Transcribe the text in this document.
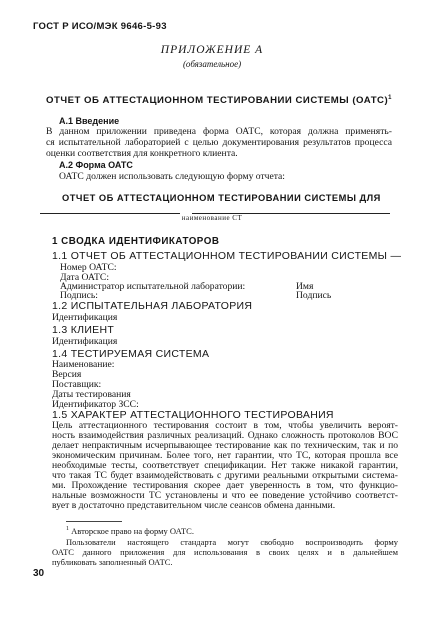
ГОСТ Р ИСО/МЭК 9646-5-93
ПРИЛОЖЕНИЕ А
(обязательное)
ОТЧЕТ ОБ АТТЕСТАЦИОННОМ ТЕСТИРОВАНИИ СИСТЕМЫ (ОАТС)$^1$
А.1 Введение
В данном приложении приведена форма ОАТС, которая должна применять-
ся испытательной лабораторией с целью документирования результатов процесса
оценки соответствия для конкретного клиента.
А.2 Форма ОАТС
ОАТС должен использовать следующую форму отчета:
ОТЧЕТ ОБ АТТЕСТАЦИОННОМ ТЕСТИРОВАНИИ СИСТЕМЫ ДЛЯ
наименование СТ
1 СВОДКА ИДЕНТИФИКАТОРОВ
1.1 ОТЧЕТ ОБ АТТЕСТАЦИОННОМ ТЕСТИРОВАНИИ СИСТЕМЫ —
Номер ОАТС:
Дата ОАТС:
Администратор испытательной лаборатории:	Имя
Подпись:	Подпись
1.2 ИСПЫТАТЕЛЬНАЯ ЛАБОРАТОРИЯ
Идентификация
1.3 КЛИЕНТ
Идентификация
1.4 ТЕСТИРУЕМАЯ СИСТЕМА
Наименование:
Версия
Поставщик:
Даты тестирования
Идентификатор ЗСС:
1.5 ХАРАКТЕР АТТЕСТАЦИОННОГО ТЕСТИРОВАНИЯ
Цель аттестационного тестирования состоит в том, чтобы увеличить вероят-
ность взаимодействия различных реализаций. Однако сложность протоколов ВОС
делает непрактичным исчерпывающее тестирование как по техническим, так и по
экономическим причинам. Более того, нет гарантии, что ТС, которая прошла все
необходимые тесты, соответствует спецификации. Нет также никакой гарантии,
что такая ТС будет взаимодействовать с другими реальными открытыми система-
ми. Прохождение тестирования скорее дает уверенность в том, что функцио-
нальные возможности ТС установлены и что ее поведение устойчиво соответст-
вует в достаточно представительном числе сеансов обмена данными.
$^1$ Авторское право на форму ОАТС.
Пользователи настоящего стандарта могут свободно воспроизводить форму
ОАТС данного приложения для использования в своих целях и в дальнейшем
публиковать заполненный ОАТС.
30
